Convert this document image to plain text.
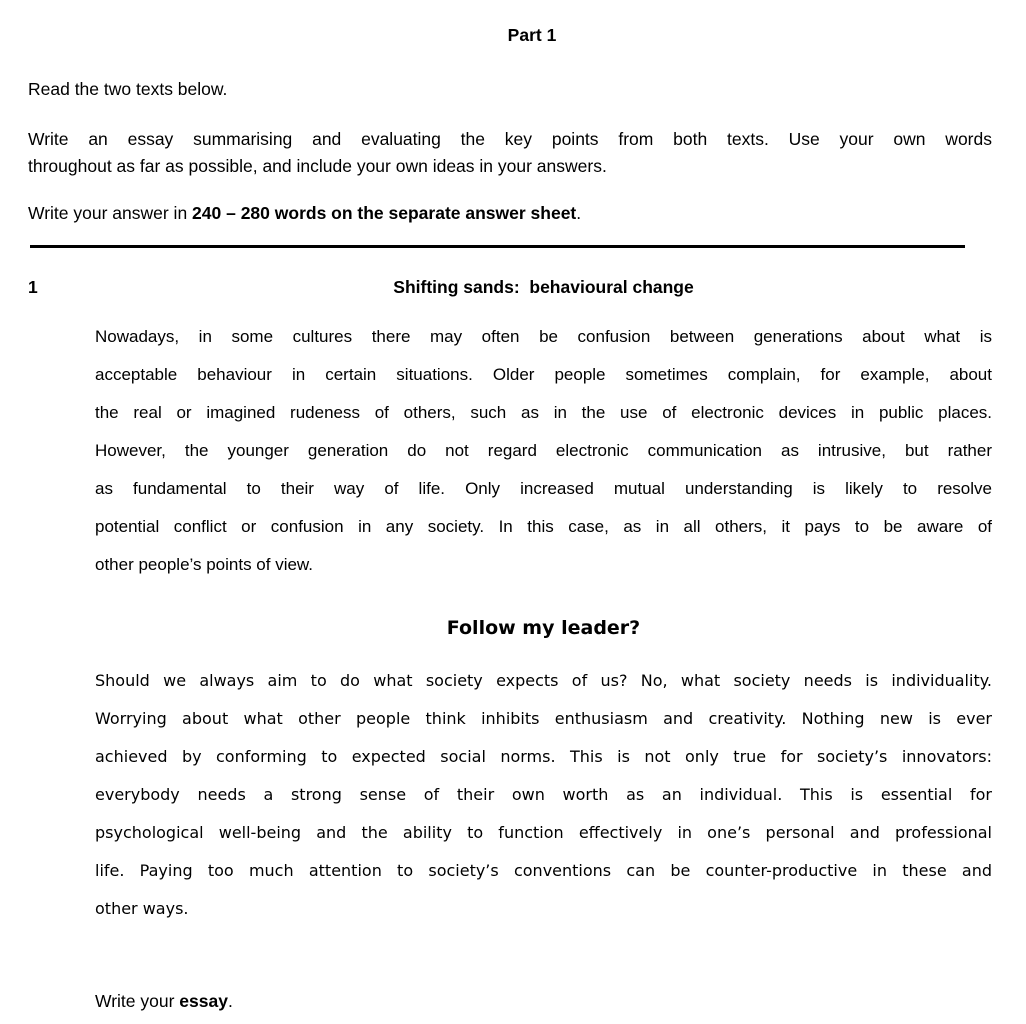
Part 1
Read the two texts below.
Write an essay summarising and evaluating the key points from both texts. Use your own words
throughout as far as possible, and include your own ideas in your answers.
Write your answer in 240 – 280 words on the separate answer sheet.
1	Shifting sands:  behavioural change
Nowadays, in some cultures there may often be confusion between generations about what is
acceptable behaviour in certain situations. Older people sometimes complain, for example, about
the real or imagined rudeness of others, such as in the use of electronic devices in public places.
However, the younger generation do not regard electronic communication as intrusive, but rather
as fundamental to their way of life. Only increased mutual understanding is likely to resolve
potential conflict or confusion in any society. In this case, as in all others, it pays to be aware of
other people’s points of view.
Follow my leader?
Should we always aim to do what society expects of us? No, what society needs is individuality.
Worrying about what other people think inhibits enthusiasm and creativity. Nothing new is ever
achieved by conforming to expected social norms. This is not only true for society’s innovators:
everybody needs a strong sense of their own worth as an individual. This is essential for
psychological well-being and the ability to function effectively in one’s personal and professional
life. Paying too much attention to society’s conventions can be counter-productive in these and
other ways.
Write your essay.
